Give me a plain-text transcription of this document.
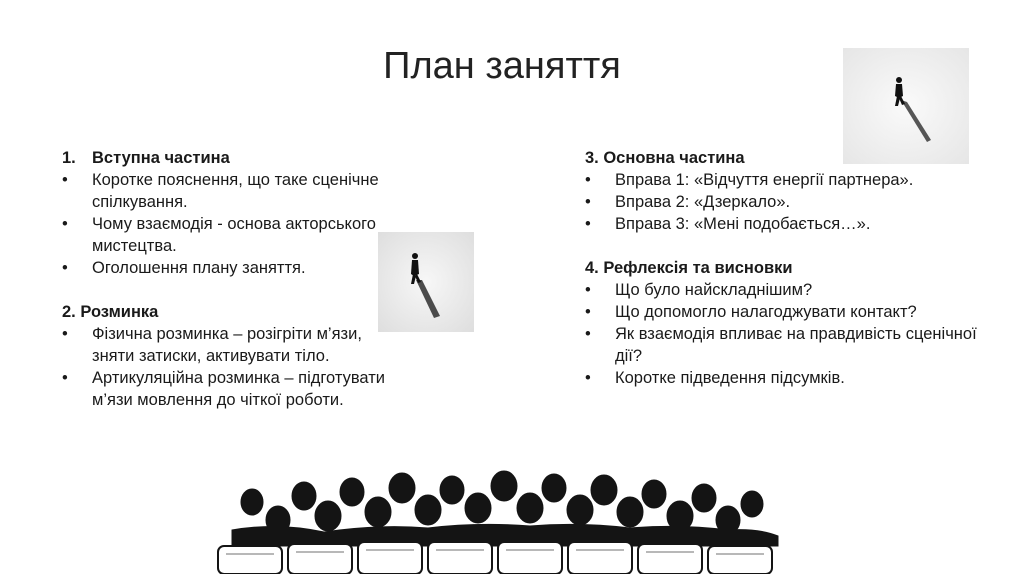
План заняття
1. Вступна частина
• Коротке пояснення, що таке сценічне спілкування.
• Чому взаємодія - основа акторського мистецтва.
• Оголошення плану заняття.
2. Розминка
• Фізична розминка – розігріти м’язи, зняти затиски, активувати тіло.
• Артикуляційна розминка – підготувати м’язи мовлення до чіткої роботи.
3. Основна частина
• Вправа 1: «Відчуття енергії партнера».
• Вправа 2: «Дзеркало».
• Вправа 3: «Мені подобається…».
4. Рефлексія та висновки
• Що було найскладнішим?
• Що допомогло налагоджувати контакт?
• Як взаємодія впливає на правдивість сценічної дії?
• Коротке підведення підсумків.
